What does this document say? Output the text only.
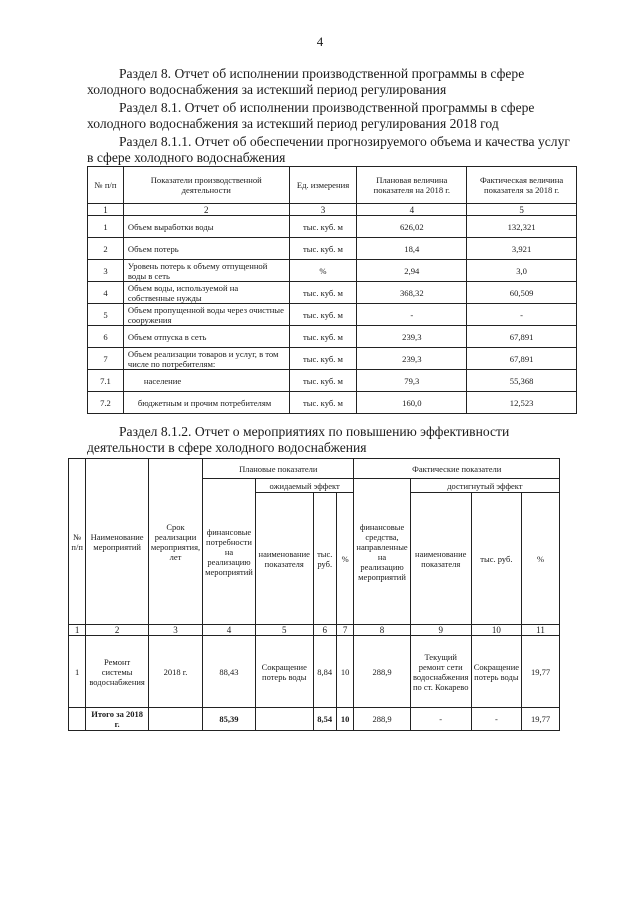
4
Раздел 8. Отчет об исполнении производственной программы в сфере холодного водоснабжения за истекший период регулирования
Раздел 8.1. Отчет об исполнении производственной программы в сфере холодного водоснабжения за истекший период регулирования 2018 год
Раздел 8.1.1. Отчет об обеспечении прогнозируемого объема и качества услуг в сфере холодного водоснабжения
№ п/п	Показатели производственной деятельности	Ед. измерения	Плановая величина показателя на 2018 г.	Фактическая величина показателя за 2018 г.
1	2	3	4	5
1	Объем выработки воды	тыс. куб. м	626,02	132,321
2	Объем потерь	тыс. куб. м	18,4	3,921
3	Уровень потерь к объему отпущенной воды в сеть	%	2,94	3,0
4	Объем воды, используемой на собственные нужды	тыс. куб. м	368,32	60,509
5	Объем пропущенной воды через очистные сооружения	тыс. куб. м	-	-
6	Объем отпуска в сеть	тыс. куб. м	239,3	67,891
7	Объем реализации товаров и услуг, в том числе по потребителям:	тыс. куб. м	239,3	67,891
7.1	население	тыс. куб. м	79,3	55,368
7.2	бюджетным и прочим потребителям	тыс. куб. м	160,0	12,523
Раздел 8.1.2. Отчет о мероприятиях по повышению эффективности деятельности в сфере холодного водоснабжения
№ п/п	Наименование мероприятий	Срок реализации мероприятия, лет	Плановые показатели				Фактические показатели			
			финансовые потребности на реализацию мероприятий	ожидаемый эффект			финансовые средства, направленные на реализацию мероприятий	достигнутый эффект		
				наименование показателя	тыс. руб.	%		наименование показателя	тыс. руб.	%
1	2	3	4	5	6	7	8	9	10	11
1	Ремонт системы водоснабжения	2018 г.	88,43	Сокращение потерь воды	8,84	10	288,9	Текущий ремонт сети водоснабжения по ст. Кокарево	Сокращение потерь воды	19,77
	Итого за 2018 г.		85,39		8,54	10	288,9	-	-	19,77
